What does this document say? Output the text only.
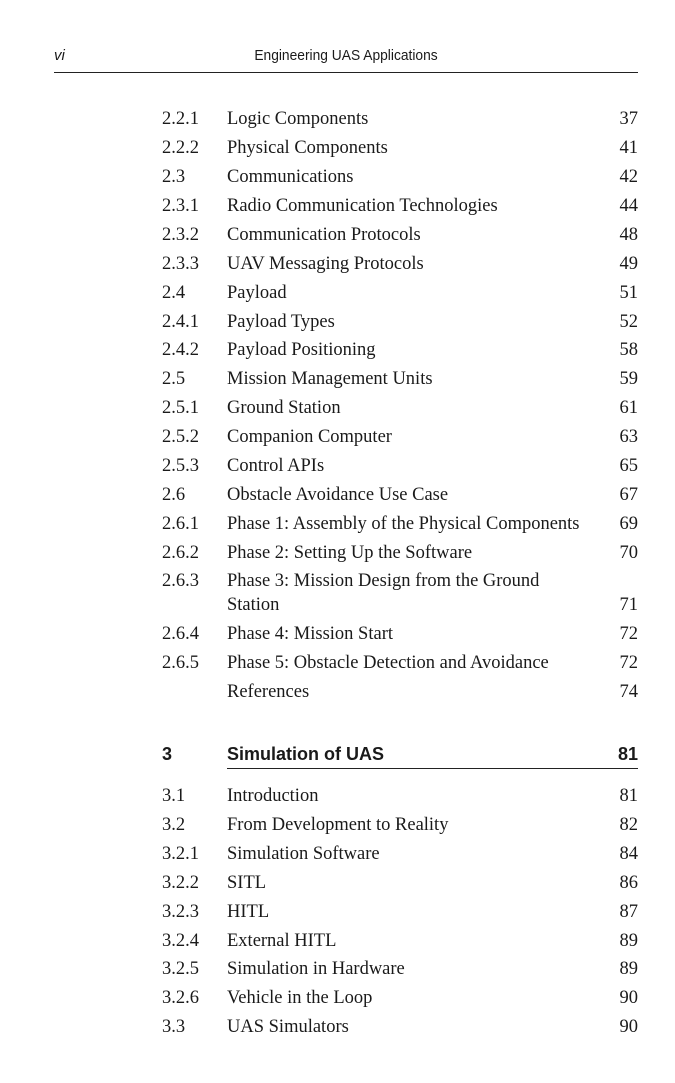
vi	Engineering UAS Applications
2.2.1 Logic Components	37
2.2.2 Physical Components	41
2.3 Communications	42
2.3.1 Radio Communication Technologies	44
2.3.2 Communication Protocols	48
2.3.3 UAV Messaging Protocols	49
2.4 Payload	51
2.4.1 Payload Types	52
2.4.2 Payload Positioning	58
2.5 Mission Management Units	59
2.5.1 Ground Station	61
2.5.2 Companion Computer	63
2.5.3 Control APIs	65
2.6 Obstacle Avoidance Use Case	67
2.6.1 Phase 1: Assembly of the Physical Components	69
2.6.2 Phase 2: Setting Up the Software	70
2.6.3 Phase 3: Mission Design from the Ground
Station	71
2.6.4 Phase 4: Mission Start	72
2.6.5 Phase 5: Obstacle Detection and Avoidance	72
References	74
3	Simulation of UAS	81
3.1 Introduction	81
3.2 From Development to Reality	82
3.2.1 Simulation Software	84
3.2.2 SITL	86
3.2.3 HITL	87
3.2.4 External HITL	89
3.2.5 Simulation in Hardware	89
3.2.6 Vehicle in the Loop	90
3.3 UAS Simulators	90
